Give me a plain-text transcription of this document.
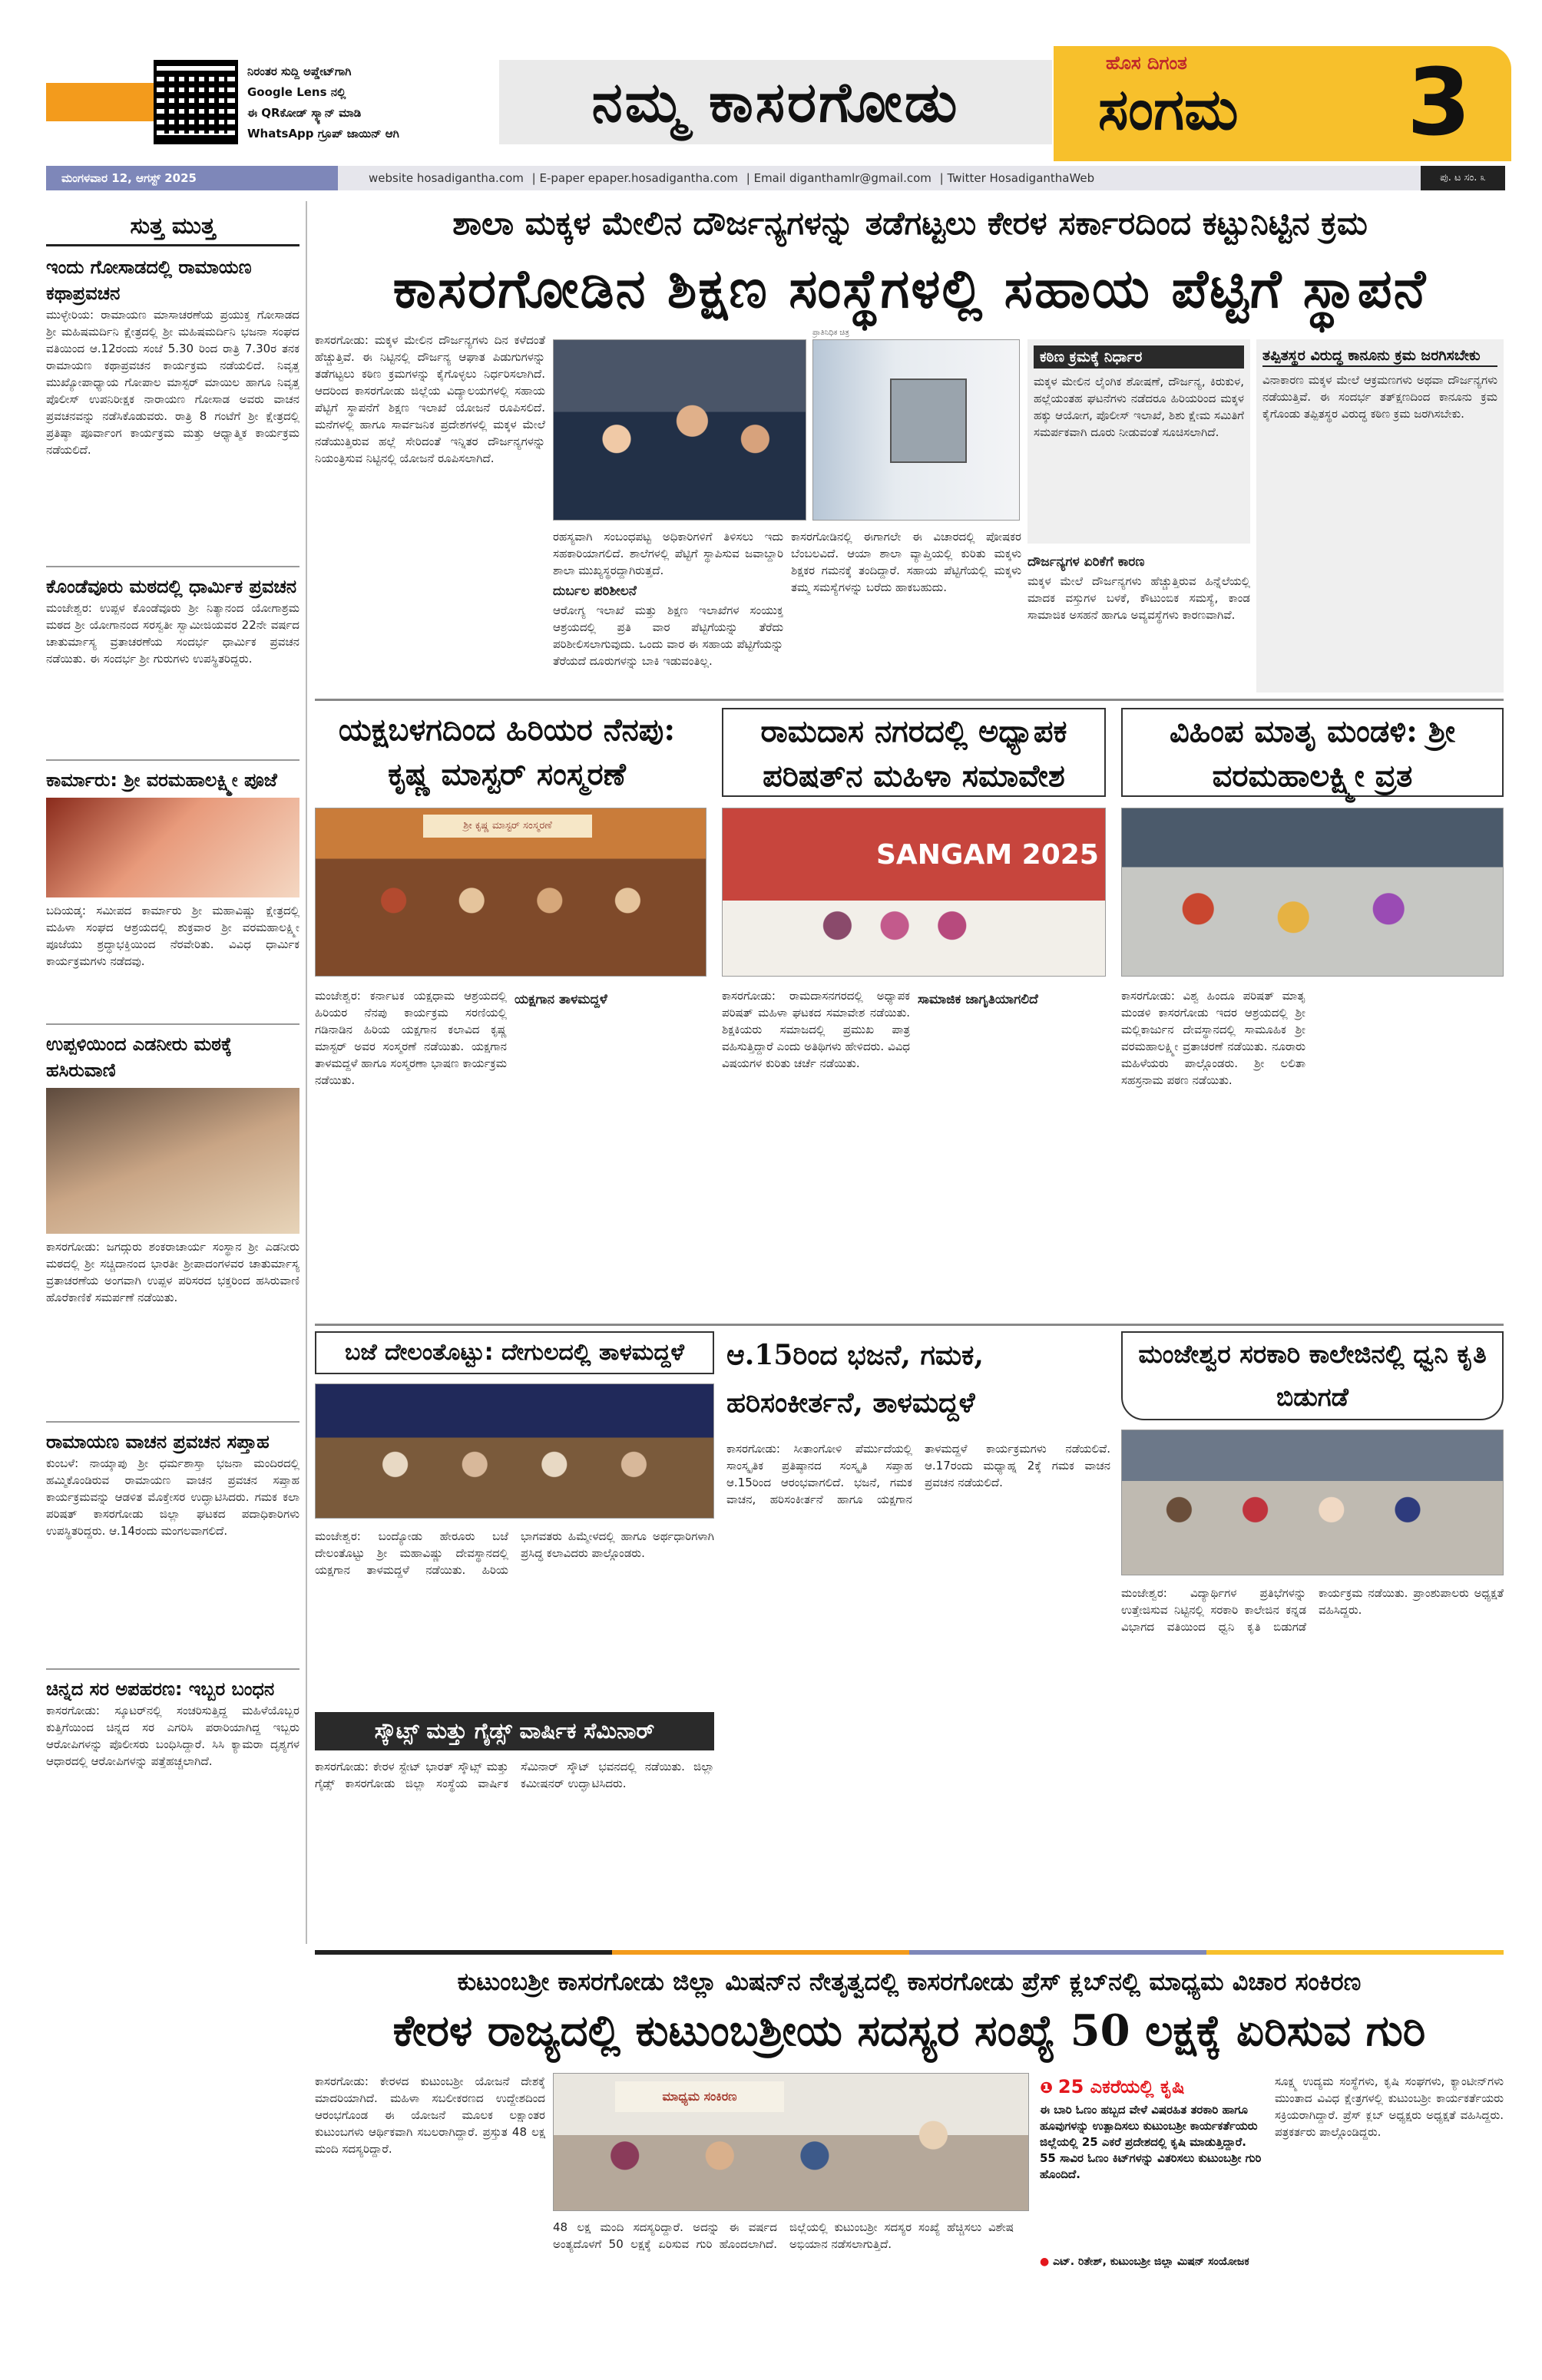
ನಿರಂತರ ಸುದ್ದಿ ಅಪ್ಡೇಟ್‌ಗಾಗಿ
Google Lens ನಲ್ಲಿ
ಈ QRಕೋಡ್ ಸ್ಕ್ಯಾನ್ ಮಾಡಿ
WhatsApp ಗ್ರೂಪ್ ಜಾಯಿನ್ ಆಗಿ	ನಮ್ಮ ಕಾಸರಗೋಡು
ಹೊಸ ದಿಗಂತ
ಸಂಗಮ 3
ಮಂಗಳವಾರ 12, ಆಗಸ್ಟ್ 2025	website hosadigantha.com | E-paper epaper.hosadigantha.com | Email diganthamlr@gmail.com | Twitter HosadiganthaWeb	ಪು. ಟ ಸಂ. ೩
ಸುತ್ತ ಮುತ್ತ
ಇಂದು ಗೋಸಾಡದಲ್ಲಿ ರಾಮಾಯಣ ಕಥಾಪ್ರವಚನ
ಮುಳ್ಳೇರಿಯ: ರಾಮಾಯಣ ಮಾಸಾಚರಣೆಯ ಪ್ರಯುಕ್ತ ಗೋಸಾಡದ ಶ್ರೀ ಮಹಿಷಮರ್ದಿನಿ ಕ್ಷೇತ್ರದಲ್ಲಿ ಶ್ರೀ ಮಹಿಷಮರ್ದಿನಿ ಭಜನಾ ಸಂಘದ ವತಿಯಿಂದ ಆ.12ರಂದು ಸಂಜೆ 5.30 ರಿಂದ ರಾತ್ರಿ 7.30ರ ತನಕ ರಾಮಾಯಣ ಕಥಾಪ್ರವಚನ ಕಾರ್ಯಕ್ರಮ ನಡೆಯಲಿದೆ. ನಿವೃತ್ತ ಮುಖ್ಯೋಪಾಧ್ಯಾಯ ಗೋಪಾಲ ಮಾಸ್ಟರ್ ಮಾಯಿಲ ಹಾಗೂ ನಿವೃತ್ತ ಪೊಲೀಸ್ ಉಪನಿರೀಕ್ಷಕ ನಾರಾಯಣ ಗೋಸಾಡ ಅವರು ವಾಚನ ಪ್ರವಚನವನ್ನು ನಡೆಸಿಕೊಡುವರು. ರಾತ್ರಿ 8 ಗಂಟೆಗೆ ಶ್ರೀ ಕ್ಷೇತ್ರದಲ್ಲಿ ಪ್ರತಿಷ್ಠಾ ಪೂರ್ವಾಂಗ ಕಾರ್ಯಕ್ರಮ ಮತ್ತು ಆಧ್ಯಾತ್ಮಿಕ ಕಾರ್ಯಕ್ರಮ ನಡೆಯಲಿದೆ.
ಕೊಂಡೆವೂರು ಮಠದಲ್ಲಿ ಧಾರ್ಮಿಕ ಪ್ರವಚನ
ಮಂಜೇಶ್ವರ: ಉಪ್ಪಳ ಕೊಂಡೆವೂರು ಶ್ರೀ ನಿತ್ಯಾನಂದ ಯೋಗಾಶ್ರಮ ಮಠದ ಶ್ರೀ ಯೋಗಾನಂದ ಸರಸ್ವತೀ ಸ್ವಾಮೀಜಿಯವರ 22ನೇ ವರ್ಷದ ಚಾತುರ್ಮಾಸ್ಯ ವ್ರತಾಚರಣೆಯ ಸಂದರ್ಭ ಧಾರ್ಮಿಕ ಪ್ರವಚನ ನಡೆಯಿತು. ಈ ಸಂದರ್ಭ ಶ್ರೀ ಗುರುಗಳು ಉಪಸ್ಥಿತರಿದ್ದರು.
ಕಾರ್ಮಾರು: ಶ್ರೀ ವರಮಹಾಲಕ್ಷ್ಮೀ ಪೂಜೆ
ಬದಿಯಡ್ಕ: ಸಮೀಪದ ಕಾರ್ಮಾರು ಶ್ರೀ ಮಹಾವಿಷ್ಣು ಕ್ಷೇತ್ರದಲ್ಲಿ ಮಹಿಳಾ ಸಂಘದ ಆಶ್ರಯದಲ್ಲಿ ಶುಕ್ರವಾರ ಶ್ರೀ ವರಮಹಾಲಕ್ಷ್ಮೀ ಪೂಜೆಯು ಶ್ರದ್ಧಾಭಕ್ತಿಯಿಂದ ನೆರವೇರಿತು. ವಿವಿಧ ಧಾರ್ಮಿಕ ಕಾರ್ಯಕ್ರಮಗಳು ನಡೆದವು.
ಉಪ್ಪಳಿಯಿಂದ ಎಡನೀರು ಮಠಕ್ಕೆ ಹಸಿರುವಾಣಿ
ಕಾಸರಗೋಡು: ಜಗದ್ಗುರು ಶಂಕರಾಚಾರ್ಯ ಸಂಸ್ಥಾನ ಶ್ರೀ ಎಡನೀರು ಮಠದಲ್ಲಿ ಶ್ರೀ ಸಚ್ಚಿದಾನಂದ ಭಾರತೀ ಶ್ರೀಪಾದಂಗಳವರ ಚಾತುರ್ಮಾಸ್ಯ ವ್ರತಾಚರಣೆಯ ಅಂಗವಾಗಿ ಉಪ್ಪಳ ಪರಿಸರದ ಭಕ್ತರಿಂದ ಹಸಿರುವಾಣಿ ಹೊರೆಕಾಣಿಕೆ ಸಮರ್ಪಣೆ ನಡೆಯಿತು.
ರಾಮಾಯಣ ವಾಚನ ಪ್ರವಚನ ಸಪ್ತಾಹ
ಕುಂಬಳೆ: ನಾಯ್ಕಾಪು ಶ್ರೀ ಧರ್ಮಶಾಸ್ತಾ ಭಜನಾ ಮಂದಿರದಲ್ಲಿ ಹಮ್ಮಿಕೊಂಡಿರುವ ರಾಮಾಯಣ ವಾಚನ ಪ್ರವಚನ ಸಪ್ತಾಹ ಕಾರ್ಯಕ್ರಮವನ್ನು ಆಡಳಿತ ಮೊಕ್ತೇಸರ ಉದ್ಘಾಟಿಸಿದರು. ಗಮಕ ಕಲಾ ಪರಿಷತ್ ಕಾಸರಗೋಡು ಜಿಲ್ಲಾ ಘಟಕದ ಪದಾಧಿಕಾರಿಗಳು ಉಪಸ್ಥಿತರಿದ್ದರು. ಆ.14ರಂದು ಮಂಗಲವಾಗಲಿದೆ.
ಚಿನ್ನದ ಸರ ಅಪಹರಣ: ಇಬ್ಬರ ಬಂಧನ
ಕಾಸರಗೋಡು: ಸ್ಕೂಟರ್‌ನಲ್ಲಿ ಸಂಚರಿಸುತ್ತಿದ್ದ ಮಹಿಳೆಯೊಬ್ಬರ ಕುತ್ತಿಗೆಯಿಂದ ಚಿನ್ನದ ಸರ ಎಗರಿಸಿ ಪರಾರಿಯಾಗಿದ್ದ ಇಬ್ಬರು ಆರೋಪಿಗಳನ್ನು ಪೊಲೀಸರು ಬಂಧಿಸಿದ್ದಾರೆ. ಸಿಸಿ ಕ್ಯಾಮರಾ ದೃಶ್ಯಗಳ ಆಧಾರದಲ್ಲಿ ಆರೋಪಿಗಳನ್ನು ಪತ್ತೆಹಚ್ಚಲಾಗಿದೆ.
ಶಾಲಾ ಮಕ್ಕಳ ಮೇಲಿನ ದೌರ್ಜನ್ಯಗಳನ್ನು ತಡೆಗಟ್ಟಲು ಕೇರಳ ಸರ್ಕಾರದಿಂದ ಕಟ್ಟುನಿಟ್ಟಿನ ಕ್ರಮ
ಕಾಸರಗೋಡಿನ ಶಿಕ್ಷಣ ಸಂಸ್ಥೆಗಳಲ್ಲಿ ಸಹಾಯ ಪೆಟ್ಟಿಗೆ ಸ್ಥಾಪನೆ
ಕಾಸರಗೋಡು: ಮಕ್ಕಳ ಮೇಲಿನ ದೌರ್ಜನ್ಯಗಳು ದಿನ ಕಳೆದಂತೆ ಹೆಚ್ಚುತ್ತಿವೆ. ಈ ನಿಟ್ಟಿನಲ್ಲಿ ದೌರ್ಜನ್ಯ ಆಘಾತ ಪಿಡುಗುಗಳನ್ನು ತಡೆಗಟ್ಟಲು ಕಠಿಣ ಕ್ರಮಗಳನ್ನು ಕೈಗೊಳ್ಳಲು ನಿರ್ಧರಿಸಲಾಗಿದೆ. ಆದರಿಂದ ಕಾಸರಗೋಡು ಜಿಲ್ಲೆಯ ವಿದ್ಯಾಲಯಗಳಲ್ಲಿ ಸಹಾಯ ಪೆಟ್ಟಿಗೆ ಸ್ಥಾಪನೆಗೆ ಶಿಕ್ಷಣ ಇಲಾಖೆ ಯೋಜನೆ ರೂಪಿಸಲಿದೆ. ಮನೆಗಳಲ್ಲಿ ಹಾಗೂ ಸಾರ್ವಜನಿಕ ಪ್ರದೇಶಗಳಲ್ಲಿ ಮಕ್ಕಳ ಮೇಲೆ ನಡೆಯುತ್ತಿರುವ ಹಲ್ಲೆ ಸೇರಿದಂತೆ ಇನ್ನಿತರ ದೌರ್ಜನ್ಯಗಳನ್ನು ನಿಯಂತ್ರಿಸುವ ನಿಟ್ಟಿನಲ್ಲಿ ಯೋಜನೆ ರೂಪಿಸಲಾಗಿದೆ.
ಪ್ರಾತಿನಿಧಿಕ ಚಿತ್ರ

ರಹಸ್ಯವಾಗಿ ಸಂಬಂಧಪಟ್ಟ ಅಧಿಕಾರಿಗಳಿಗೆ ತಿಳಿಸಲು ಇದು ಸಹಕಾರಿಯಾಗಲಿದೆ. ಶಾಲೆಗಳಲ್ಲಿ ಪೆಟ್ಟಿಗೆ ಸ್ಥಾಪಿಸುವ ಜವಾಬ್ದಾರಿ ಶಾಲಾ ಮುಖ್ಯಸ್ಥರದ್ದಾಗಿರುತ್ತದೆ.

ದುರ್ಬಲ ಪರಿಶೀಲನೆ

ಆರೋಗ್ಯ ಇಲಾಖೆ ಮತ್ತು ಶಿಕ್ಷಣ ಇಲಾಖೆಗಳ ಸಂಯುಕ್ತ ಆಶ್ರಯದಲ್ಲಿ ಪ್ರತಿ ವಾರ ಪೆಟ್ಟಿಗೆಯನ್ನು ತೆರೆದು ಪರಿಶೀಲಿಸಲಾಗುವುದು. ಒಂದು ವಾರ ಈ ಸಹಾಯ ಪೆಟ್ಟಿಗೆಯನ್ನು ತೆರೆಯದೆ ದೂರುಗಳನ್ನು ಬಾಕಿ ಇಡುವಂತಿಲ್ಲ.

ಕಾಸರಗೋಡಿನಲ್ಲಿ ಈಗಾಗಲೇ ಈ ವಿಚಾರದಲ್ಲಿ ಪೋಷಕರ ಬೆಂಬಲವಿದೆ. ಆಯಾ ಶಾಲಾ ವ್ಯಾಪ್ತಿಯಲ್ಲಿ ಕುರಿತು ಮಕ್ಕಳು ಶಿಕ್ಷಕರ ಗಮನಕ್ಕೆ ತಂದಿದ್ದಾರೆ. ಸಹಾಯ ಪೆಟ್ಟಿಗೆಯಲ್ಲಿ ಮಕ್ಕಳು ತಮ್ಮ ಸಮಸ್ಯೆಗಳನ್ನು ಬರೆದು ಹಾಕಬಹುದು.
ಕಠಿಣ ಕ್ರಮಕ್ಕೆ ನಿರ್ಧಾರ
ಮಕ್ಕಳ ಮೇಲಿನ ಲೈಂಗಿಕ ಶೋಷಣೆ, ದೌರ್ಜನ್ಯ, ಕಿರುಕುಳ, ಹಲ್ಲೆಯಂತಹ ಘಟನೆಗಳು ನಡೆದರೂ ಹಿರಿಯರಿಂದ ಮಕ್ಕಳ ಹಕ್ಕು ಆಯೋಗ, ಪೊಲೀಸ್ ಇಲಾಖೆ, ಶಿಶು ಕ್ಷೇಮ ಸಮಿತಿಗೆ ಸಮರ್ಪಕವಾಗಿ ದೂರು ನೀಡುವಂತೆ ಸೂಚಿಸಲಾಗಿದೆ.
ತಪ್ಪಿತಸ್ಥರ ವಿರುದ್ಧ ಕಾನೂನು ಕ್ರಮ ಜರಗಿಸಬೇಕು
ವಿನಾಕಾರಣ ಮಕ್ಕಳ ಮೇಲೆ ಆಕ್ರಮಣಗಳು ಅಥವಾ ದೌರ್ಜನ್ಯಗಳು ನಡೆಯುತ್ತಿವೆ. ಈ ಸಂದರ್ಭ ತತ್‌ಕ್ಷಣದಿಂದ ಕಾನೂನು ಕ್ರಮ ಕೈಗೊಂಡು ತಪ್ಪಿತಸ್ಥರ ವಿರುದ್ಧ ಕಠಿಣ ಕ್ರಮ ಜರಗಿಸಬೇಕು.

ದೌರ್ಜನ್ಯಗಳ ಏರಿಕೆಗೆ ಕಾರಣ

ಮಕ್ಕಳ ಮೇಲೆ ದೌರ್ಜನ್ಯಗಳು ಹೆಚ್ಚುತ್ತಿರುವ ಹಿನ್ನೆಲೆಯಲ್ಲಿ ಮಾದಕ ವಸ್ತುಗಳ ಬಳಕೆ, ಕೌಟುಂಬಿಕ ಸಮಸ್ಯೆ, ಕಾಂಡ ಸಾಮಾಜಿಕ ಅಸಹನೆ ಹಾಗೂ ಅವ್ಯವಸ್ಥೆಗಳು ಕಾರಣವಾಗಿವೆ.

ಯಕ್ಷಬಳಗದಿಂದ ಹಿರಿಯರ ನೆನಪು: ಕೃಷ್ಣ ಮಾಸ್ಟರ್ ಸಂಸ್ಮರಣೆ
ಶ್ರೀ ಕೃಷ್ಣ ಮಾಸ್ಟರ್ ಸಂಸ್ಮರಣೆ
ಮಂಜೇಶ್ವರ: ಕರ್ನಾಟಕ ಯಕ್ಷಧಾಮ ಆಶ್ರಯದಲ್ಲಿ ಹಿರಿಯರ ನೆನಪು ಕಾರ್ಯಕ್ರಮ ಸರಣಿಯಲ್ಲಿ ಗಡಿನಾಡಿನ ಹಿರಿಯ ಯಕ್ಷಗಾನ ಕಲಾವಿದ ಕೃಷ್ಣ ಮಾಸ್ಟರ್ ಅವರ ಸಂಸ್ಮರಣೆ ನಡೆಯಿತು. ಯಕ್ಷಗಾನ ತಾಳಮದ್ದಳೆ ಹಾಗೂ ಸಂಸ್ಮರಣಾ ಭಾಷಣ ಕಾರ್ಯಕ್ರಮ ನಡೆಯಿತು.

ಯಕ್ಷಗಾನ ತಾಳಮದ್ದಳೆ

ರಾಮದಾಸ ನಗರದಲ್ಲಿ ಅಧ್ಯಾಪಕ ಪರಿಷತ್‌ನ ಮಹಿಳಾ ಸಮಾವೇಶ
SANGAM 2025
ಕಾಸರಗೋಡು: ರಾಮದಾಸನಗರದಲ್ಲಿ ಅಧ್ಯಾಪಕ ಪರಿಷತ್ ಮಹಿಳಾ ಘಟಕದ ಸಮಾವೇಶ ನಡೆಯಿತು. ಶಿಕ್ಷಕಿಯರು ಸಮಾಜದಲ್ಲಿ ಪ್ರಮುಖ ಪಾತ್ರ ವಹಿಸುತ್ತಿದ್ದಾರೆ ಎಂದು ಅತಿಥಿಗಳು ಹೇಳಿದರು. ವಿವಿಧ ವಿಷಯಗಳ ಕುರಿತು ಚರ್ಚೆ ನಡೆಯಿತು.

ಸಾಮಾಜಿಕ ಜಾಗೃತಿಯಾಗಲಿದೆ

ವಿಹಿಂಪ ಮಾತೃ ಮಂಡಳಿ: ಶ್ರೀ ವರಮಹಾಲಕ್ಷ್ಮೀ ವ್ರತ
ಕಾಸರಗೋಡು: ವಿಶ್ವ ಹಿಂದೂ ಪರಿಷತ್ ಮಾತೃ ಮಂಡಳಿ ಕಾಸರಗೋಡು ಇದರ ಆಶ್ರಯದಲ್ಲಿ ಶ್ರೀ ಮಲ್ಲಿಕಾರ್ಜುನ ದೇವಸ್ಥಾನದಲ್ಲಿ ಸಾಮೂಹಿಕ ಶ್ರೀ ವರಮಹಾಲಕ್ಷ್ಮೀ ವ್ರತಾಚರಣೆ ನಡೆಯಿತು. ನೂರಾರು ಮಹಿಳೆಯರು ಪಾಲ್ಗೊಂಡರು. ಶ್ರೀ ಲಲಿತಾ ಸಹಸ್ರನಾಮ ಪಠಣ ನಡೆಯಿತು.
ಬಜೆ ದೇಲಂತೊಟ್ಟು: ದೇಗುಲದಲ್ಲಿ ತಾಳಮದ್ದಳೆ
ಮಂಜೇಶ್ವರ: ಬಂದ್ಯೋಡು ಹೇರೂರು ಬಜೆ ದೇಲಂತೊಟ್ಟು ಶ್ರೀ ಮಹಾವಿಷ್ಣು ದೇವಸ್ಥಾನದಲ್ಲಿ ಯಕ್ಷಗಾನ ತಾಳಮದ್ದಳೆ ನಡೆಯಿತು. ಹಿರಿಯ ಭಾಗವತರು ಹಿಮ್ಮೇಳದಲ್ಲಿ ಹಾಗೂ ಅರ್ಥಧಾರಿಗಳಾಗಿ ಪ್ರಸಿದ್ಧ ಕಲಾವಿದರು ಪಾಲ್ಗೊಂಡರು.
ಆ.15ರಿಂದ ಭಜನೆ, ಗಮಕ, ಹರಿಸಂಕೀರ್ತನೆ, ತಾಳಮದ್ದಳೆ
ಕಾಸರಗೋಡು: ಸೀತಾಂಗೋಳಿ ಪೆರ್ಮುದೆಯಲ್ಲಿ ಸಾಂಸ್ಕೃತಿಕ ಪ್ರತಿಷ್ಠಾನದ ಸಂಸ್ಕೃತಿ ಸಪ್ತಾಹ ಆ.15ರಿಂದ ಆರಂಭವಾಗಲಿದೆ. ಭಜನೆ, ಗಮಕ ವಾಚನ, ಹರಿಸಂಕೀರ್ತನೆ ಹಾಗೂ ಯಕ್ಷಗಾನ ತಾಳಮದ್ದಳೆ ಕಾರ್ಯಕ್ರಮಗಳು ನಡೆಯಲಿವೆ. ಆ.17ರಂದು ಮಧ್ಯಾಹ್ನ 2ಕ್ಕೆ ಗಮಕ ವಾಚನ ಪ್ರವಚನ ನಡೆಯಲಿದೆ.
ಮಂಜೇಶ್ವರ ಸರಕಾರಿ ಕಾಲೇಜಿನಲ್ಲಿ ಧ್ವನಿ ಕೃತಿ ಬಿಡುಗಡೆ
ಮಂಜೇಶ್ವರ: ವಿದ್ಯಾರ್ಥಿಗಳ ಪ್ರತಿಭೆಗಳನ್ನು ಉತ್ತೇಜಿಸುವ ನಿಟ್ಟಿನಲ್ಲಿ ಸರಕಾರಿ ಕಾಲೇಜಿನ ಕನ್ನಡ ವಿಭಾಗದ ವತಿಯಿಂದ ಧ್ವನಿ ಕೃತಿ ಬಿಡುಗಡೆ ಕಾರ್ಯಕ್ರಮ ನಡೆಯಿತು. ಪ್ರಾಂಶುಪಾಲರು ಅಧ್ಯಕ್ಷತೆ ವಹಿಸಿದ್ದರು.
ಸ್ಕೌಟ್ಸ್ ಮತ್ತು ಗೈಡ್ಸ್ ವಾರ್ಷಿಕ ಸೆಮಿನಾರ್
ಕಾಸರಗೋಡು: ಕೇರಳ ಸ್ಟೇಟ್ ಭಾರತ್ ಸ್ಕೌಟ್ಸ್ ಮತ್ತು ಗೈಡ್ಸ್ ಕಾಸರಗೋಡು ಜಿಲ್ಲಾ ಸಂಸ್ಥೆಯ ವಾರ್ಷಿಕ ಸೆಮಿನಾರ್ ಸ್ಕೌಟ್ ಭವನದಲ್ಲಿ ನಡೆಯಿತು. ಜಿಲ್ಲಾ ಕಮೀಷನರ್ ಉದ್ಘಾಟಿಸಿದರು.
ಕುಟುಂಬಶ್ರೀ ಕಾಸರಗೋಡು ಜಿಲ್ಲಾ ಮಿಷನ್‌ನ ನೇತೃತ್ವದಲ್ಲಿ ಕಾಸರಗೋಡು ಪ್ರೆಸ್ ಕ್ಲಬ್‌ನಲ್ಲಿ ಮಾಧ್ಯಮ ವಿಚಾರ ಸಂಕಿರಣ
ಕೇರಳ ರಾಜ್ಯದಲ್ಲಿ ಕುಟುಂಬಶ್ರೀಯ ಸದಸ್ಯರ ಸಂಖ್ಯೆ 50 ಲಕ್ಷಕ್ಕೆ ಏರಿಸುವ ಗುರಿ
ಕಾಸರಗೋಡು: ಕೇರಳದ ಕುಟುಂಬಶ್ರೀ ಯೋಜನೆ ದೇಶಕ್ಕೆ ಮಾದರಿಯಾಗಿದೆ. ಮಹಿಳಾ ಸಬಲೀಕರಣದ ಉದ್ದೇಶದಿಂದ ಆರಂಭಗೊಂಡ ಈ ಯೋಜನೆ ಮೂಲಕ ಲಕ್ಷಾಂತರ ಕುಟುಂಬಗಳು ಆರ್ಥಿಕವಾಗಿ ಸಬಲರಾಗಿದ್ದಾರೆ. ಪ್ರಸ್ತುತ 48 ಲಕ್ಷ ಮಂದಿ ಸದಸ್ಯರಿದ್ದಾರೆ.
ಮಾಧ್ಯಮ ಸಂಕಿರಣ
48 ಲಕ್ಷ ಮಂದಿ ಸದಸ್ಯರಿದ್ದಾರೆ. ಅದನ್ನು ಈ ವರ್ಷದ ಅಂತ್ಯದೊಳಗೆ 50 ಲಕ್ಷಕ್ಕೆ ಏರಿಸುವ ಗುರಿ ಹೊಂದಲಾಗಿದೆ. ಜಿಲ್ಲೆಯಲ್ಲಿ ಕುಟುಂಬಶ್ರೀ ಸದಸ್ಯರ ಸಂಖ್ಯೆ ಹೆಚ್ಚಿಸಲು ವಿಶೇಷ ಅಭಿಯಾನ ನಡೆಸಲಾಗುತ್ತಿದೆ.
❶ 25 ಎಕರೆಯಲ್ಲಿ ಕೃಷಿ
ಈ ಬಾರಿ ಓಣಂ ಹಬ್ಬದ ವೇಳೆ ವಿಷರಹಿತ ತರಕಾರಿ ಹಾಗೂ ಹೂವುಗಳನ್ನು ಉತ್ಪಾದಿಸಲು ಕುಟುಂಬಶ್ರೀ ಕಾರ್ಯಕರ್ತೆಯರು ಜಿಲ್ಲೆಯಲ್ಲಿ 25 ಎಕರೆ ಪ್ರದೇಶದಲ್ಲಿ ಕೃಷಿ ಮಾಡುತ್ತಿದ್ದಾರೆ. 55 ಸಾವಿರ ಓಣಂ ಕಿಟ್‌ಗಳನ್ನು ವಿತರಿಸಲು ಕುಟುಂಬಶ್ರೀ ಗುರಿ ಹೊಂದಿದೆ.
● ಎಟ್. ರಿತೇಶ್, ಕುಟುಂಬಶ್ರೀ ಜಿಲ್ಲಾ ಮಿಷನ್ ಸಂಯೋಜಕ
ಸೂಕ್ಷ್ಮ ಉದ್ಯಮ ಸಂಸ್ಥೆಗಳು, ಕೃಷಿ ಸಂಘಗಳು, ಕ್ಯಾಂಟೀನ್‌ಗಳು ಮುಂತಾದ ವಿವಿಧ ಕ್ಷೇತ್ರಗಳಲ್ಲಿ ಕುಟುಂಬಶ್ರೀ ಕಾರ್ಯಕರ್ತೆಯರು ಸಕ್ರಿಯರಾಗಿದ್ದಾರೆ. ಪ್ರೆಸ್ ಕ್ಲಬ್ ಅಧ್ಯಕ್ಷರು ಅಧ್ಯಕ್ಷತೆ ವಹಿಸಿದ್ದರು. ಪತ್ರಕರ್ತರು ಪಾಲ್ಗೊಂಡಿದ್ದರು.
